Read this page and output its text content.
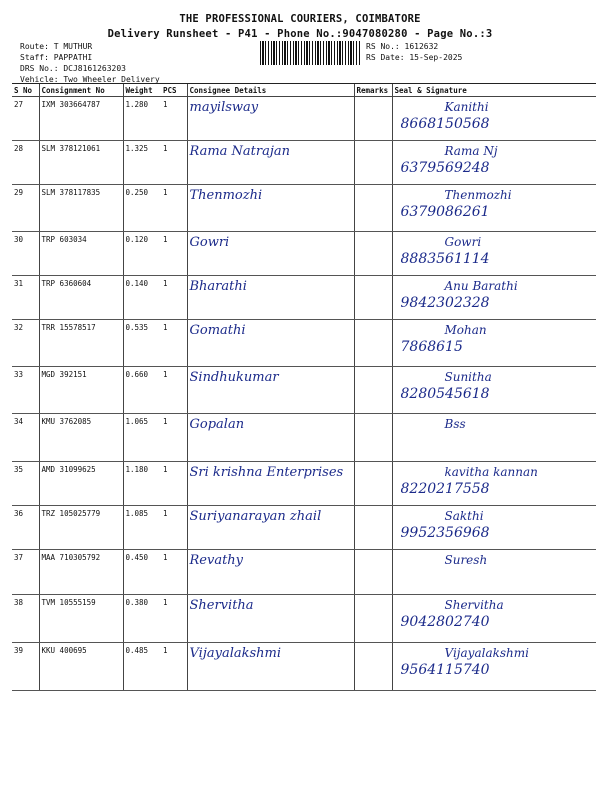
THE PROFESSIONAL COURIERS, COIMBATORE
Delivery Runsheet - P41 - Phone No.:9047080280 - Page No.:3
Route: T MUTHUR
Staff: PAPPATHI
DRS No.: DCJ8161263203
Vehicle: Two Wheeler Delivery
RS No.: 1612632
RS Date: 15-Sep-2025
S No	Consignment No	Weight	PCS	Consignee Details	Remarks	Seal & Signature
27	IXM 303664787	1.280	1	mayilsway		Kanithi
8668150568

28	SLM 378121061	1.325	1	Rama Natrajan		Rama Nj
6379569248

29	SLM 378117835	0.250	1	Thenmozhi		Thenmozhi
6379086261

30	TRP 603034	0.120	1	Gowri		Gowri
8883561114

31	TRP 6360604	0.140	1	Bharathi		Anu Barathi
9842302328

32	TRR 15578517	0.535	1	Gomathi		Mohan
7868615

33	MGD 392151	0.660	1	Sindhukumar		Sunitha
8280545618

34	KMU 3762085	1.065	1	Gopalan		Bss

35	AMD 31099625	1.180	1	Sri krishna Enterprises		kavitha kannan
8220217558

36	TRZ 105025779	1.085	1	Suriyanarayan zhail		Sakthi
9952356968

37	MAA 710305792	0.450	1	Revathy		Suresh

38	TVM 10555159	0.380	1	Shervitha		Shervitha
9042802740

39	KKU 400695	0.485	1	Vijayalakshmi		Vijayalakshmi
9564115740
